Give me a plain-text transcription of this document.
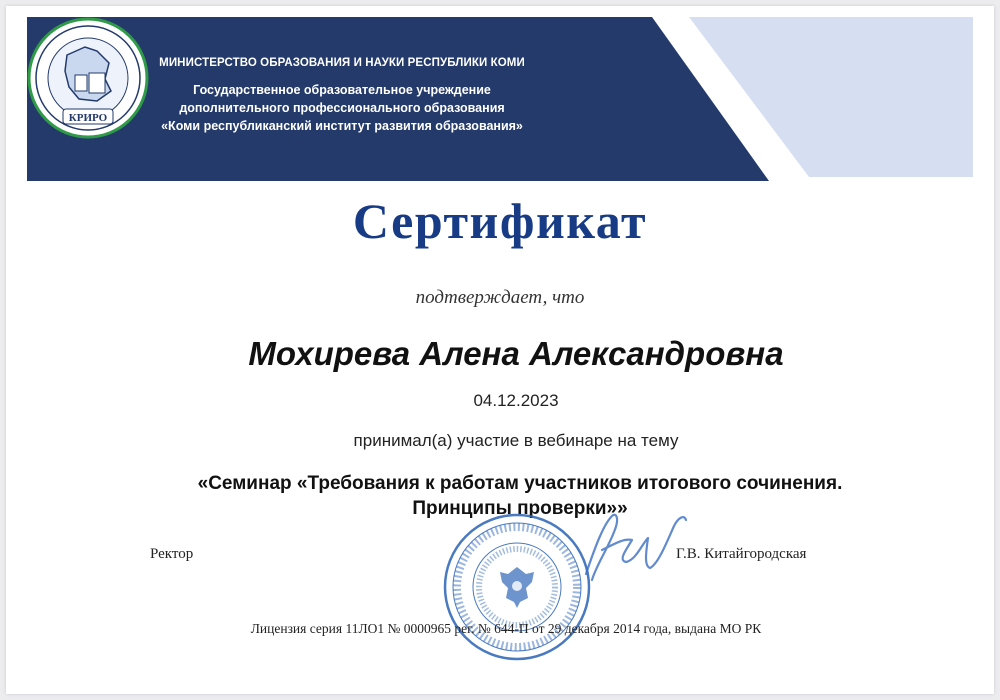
МИНИСТЕРСТВО ОБРАЗОВАНИЯ И НАУКИ РЕСПУБЛИКИ КОМИ
Государственное образовательное учреждение
дополнительного профессионального образования
«Коми республиканский институт развития образования»
КРИРО
Сертификат
подтверждает, что
Мохирева Алена Александровна
04.12.2023
принимал(а) участие в вебинаре на тему
«Семинар «Требования к работам участников итогового сочинения.
Принципы проверки»»
Ректор	Г.В. Китайгородская
Лицензия серия 11ЛО1 № 0000965 рег. № 644-П от 29 декабря 2014 года, выдана МО РК
